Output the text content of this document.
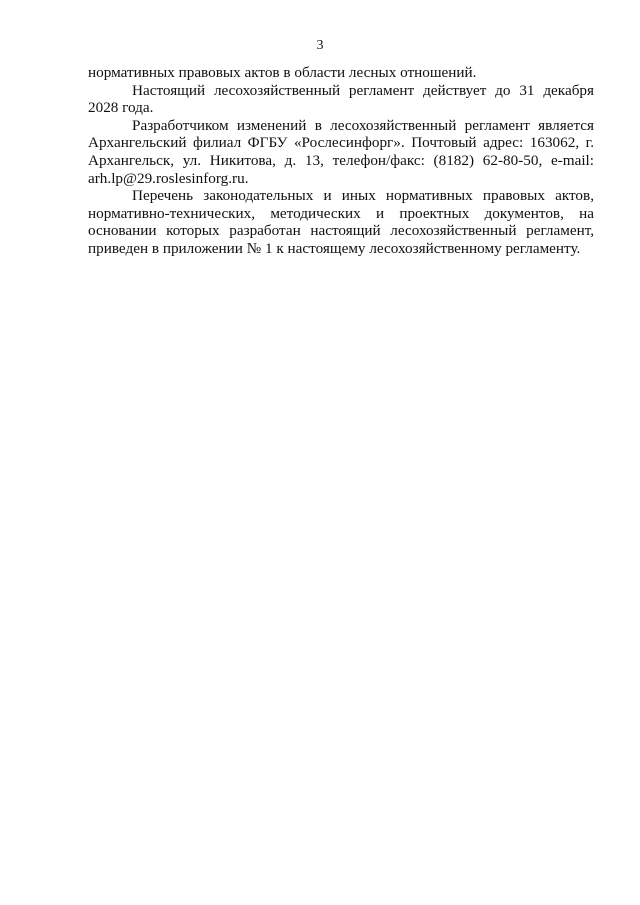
3

нормативных правовых актов в области лесных отношений.

Настоящий лесохозяйственный регламент действует до 31 декабря 2028 года.

Разработчиком изменений в лесохозяйственный регламент является Архангельский филиал ФГБУ «Рослесинфорг». Почтовый адрес: 163062, г. Архангельск, ул. Никитова, д. 13, телефон/факс: (8182) 62-80-50, e-mail: arh.lp@29.roslesinforg.ru.

Перечень законодательных и иных нормативных правовых актов, нормативно-технических, методических и проектных документов, на основании которых разработан настоящий лесохозяйственный регламент, приведен в приложении № 1 к настоящему лесохозяйственному регламенту.
